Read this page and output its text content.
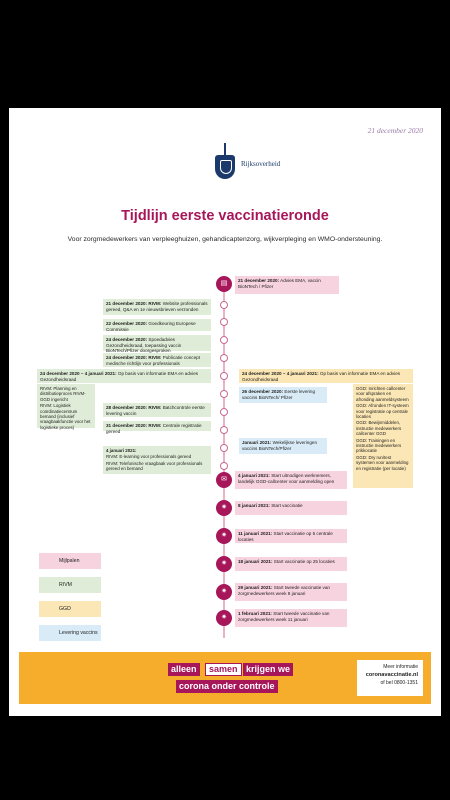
21 december 2020
Rijksoverheid
Tijdlijn eerste vaccinatieronde
Voor zorgmedewerkers van verpleeghuizen, gehandicaptenzorg, wijkverpleging en WMO-ondersteuning.
▤
✉
✷
✷
✷
✷
✷
21 december 2020: Advies EMA, vaccin BioNTech / Pfizer
21 december 2020: RIVM: Website professionals gereed, Q&A en 1e nieuwsbrieven verzonden
22 december 2020: Goedkeuring Europese Commissie
24 december 2020: Spoedadvies Gezondheidsraad, toepassing vaccin BioNTech/Pfizer doorgesproken
24 december 2020: RIVM: Publicatie concept medische richtlijn voor professionals
24 december 2020 – 4 januari 2021: Op basis van informatie EMA en advies Gezondheidsraad
RIVM: Planning en distributieproces RIVM-GGD ingericht
RIVM: Logistiek coördinatiecentrum bemand (inclusief vraagbaakfunctie voor het logistieke proces)
28 december 2020: RIVM: Batchcontrole eerste levering vaccin
31 december 2020: RIVM: Centrale registratie gereed
4 januari 2021:
RIVM: E-learning voor professionals gereed
RIVM: Telefonische vraagbaak voor professionals gereed en bemand
24 december 2020 – 4 januari 2021: Op basis van informatie EMA en advies Gezondheidsraad
26 december 2020: Eerste levering vaccins BioNTech/ Pfizer
GGD: Inrichten callcenter voor afspraken en afronding aanmeldsysteem
GGD: Afronden IT-systeem voor registratie op centrale locaties
GGD: Bewijsmiddelen, instructie medewerkers callcenter GGD
GGD: Trainingen en instructie medewerkers prikkocatie
GGD: Dry run/test systemen voor aanmelding en registratie (per locatie)
Januari 2021: Wekelijkse leveringen vaccins BioNTech/Pfizer
4 januari 2021: Start uitnodigen werknemers, landelijk GGD-callcenter voor aanmelding open
8 januari 2021: Start vaccinatie
11 januari 2021: Start vaccinatie op 5 centrale locaties
18 januari 2021: Start vaccinatie op 25 locaties
29 januari 2021: Start tweede vaccinatie van zorgmedewerkers week 8 januari
1 februari 2021: Start tweede vaccinatie van zorgmedewerkers week 11 januari
Mijlpalen
RIVM
GGD
Levering vaccins
alleen	samen krijgen we
corona onder controle
Meer informatie
coronavaccinatie.nl
of bel 0800-1351
